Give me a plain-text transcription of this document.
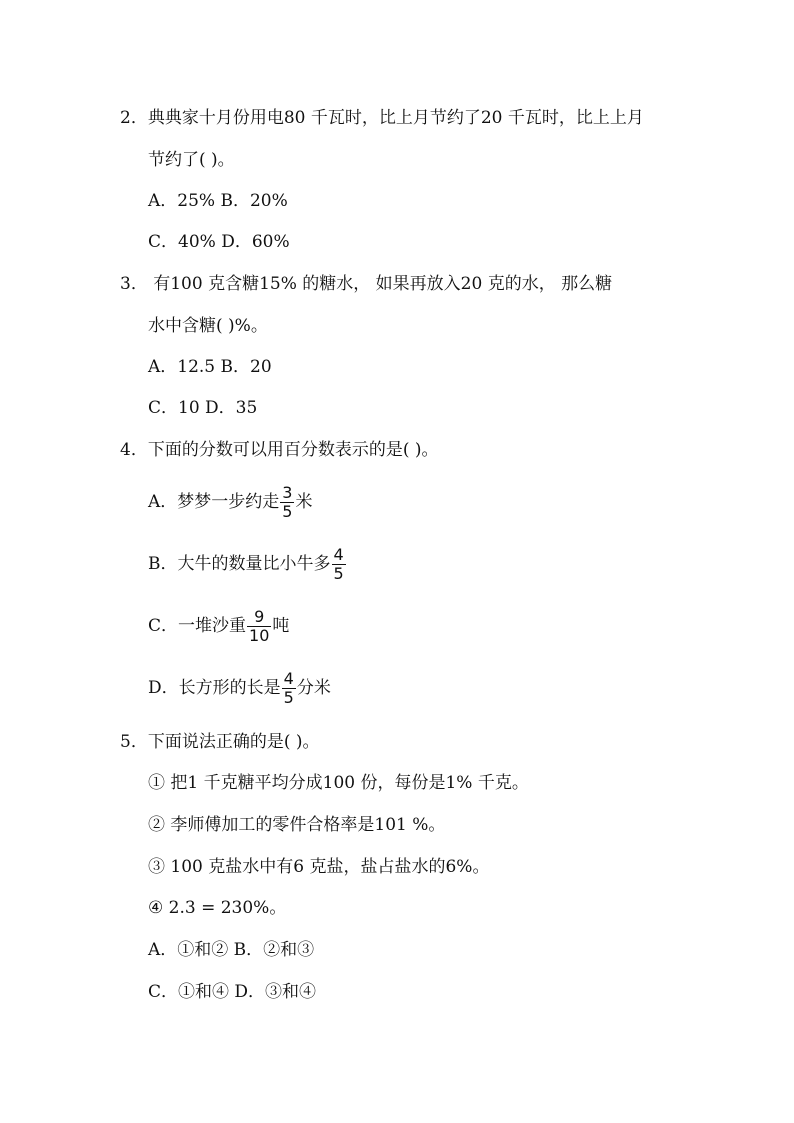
2．典典家十月份用电80 千瓦时，比上月节约了20 千瓦时，比上上月
节约了( )。
A．25% B．20%
C．40% D．60%
3． 有100 克含糖15% 的糖水， 如果再放入20 克的水， 那么糖
水中含糖( )%。
A．12.5 B．20
C．10 D．35
4．下面的分数可以用百分数表示的是( )。
A．梦梦一步约走 $\frac{3}{5}$ 米
B．大牛的数量比小牛多 $\frac{4}{5}$
C．一堆沙重 $\frac{9}{10}$ 吨
D．长方形的长是 $\frac{4}{5}$ 分米
5．下面说法正确的是( )。
① 把1 千克糖平均分成100 份，每份是1% 千克。
② 李师傅加工的零件合格率是101 %。
③ 100 克盐水中有6 克盐，盐占盐水的6%。
④ 2.3 = 230%。
A．①和② B．②和③
C．①和④ D．③和④
